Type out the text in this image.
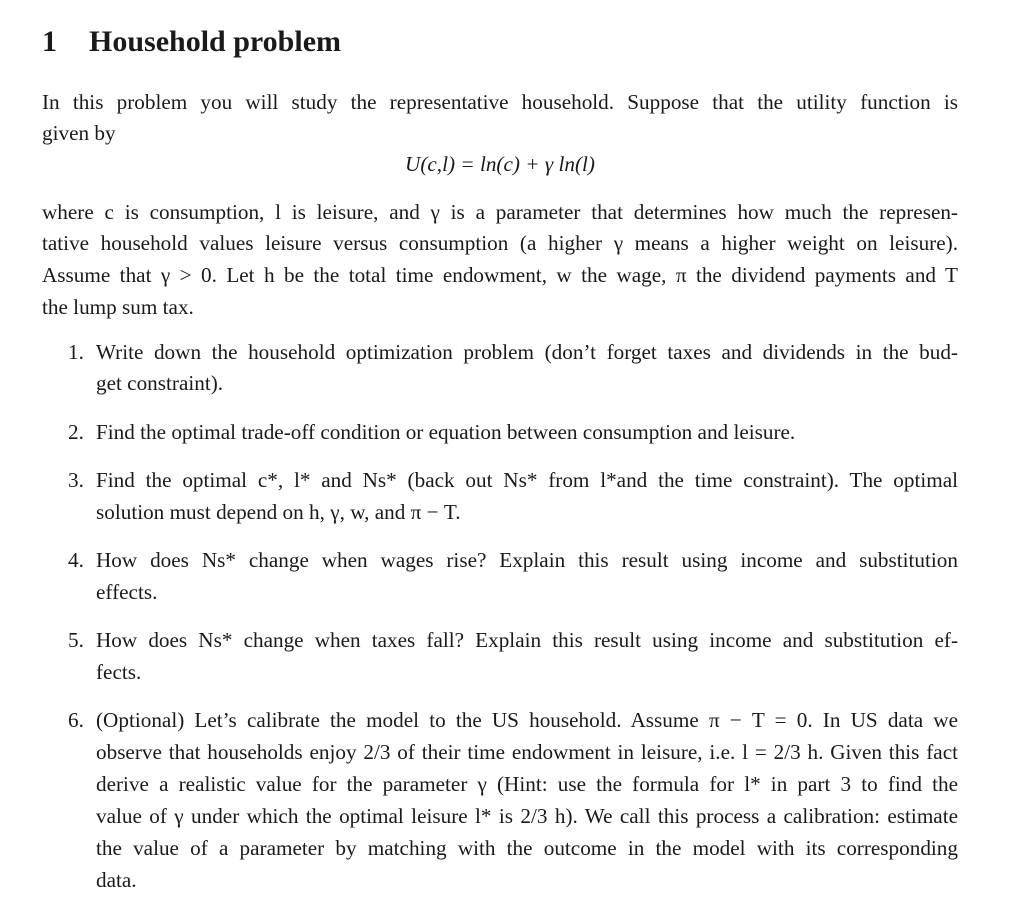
1 Household problem
In this problem you will study the representative household. Suppose that the utility function is
given by
U(c,l) = ln(c) + γ ln(l)
where c is consumption, l is leisure, and γ is a parameter that determines how much the represen-
tative household values leisure versus consumption (a higher γ means a higher weight on leisure).
Assume that γ > 0. Let h be the total time endowment, w the wage, π the dividend payments and T
the lump sum tax.
1. Write down the household optimization problem (don’t forget taxes and dividends in the bud-
get constraint).
2. Find the optimal trade-off condition or equation between consumption and leisure.
3. Find the optimal c*, l* and Ns* (back out Ns* from l*and the time constraint). The optimal
solution must depend on h, γ, w, and π − T.
4. How does Ns* change when wages rise? Explain this result using income and substitution
effects.
5. How does Ns* change when taxes fall? Explain this result using income and substitution ef-
fects.
6. (Optional) Let’s calibrate the model to the US household. Assume π − T = 0. In US data we
observe that households enjoy 2/3 of their time endowment in leisure, i.e. l = 2/3 h. Given this fact
derive a realistic value for the parameter γ (Hint: use the formula for l* in part 3 to find the
value of γ under which the optimal leisure l* is 2/3 h). We call this process a calibration: estimate
the value of a parameter by matching with the outcome in the model with its corresponding
data.
